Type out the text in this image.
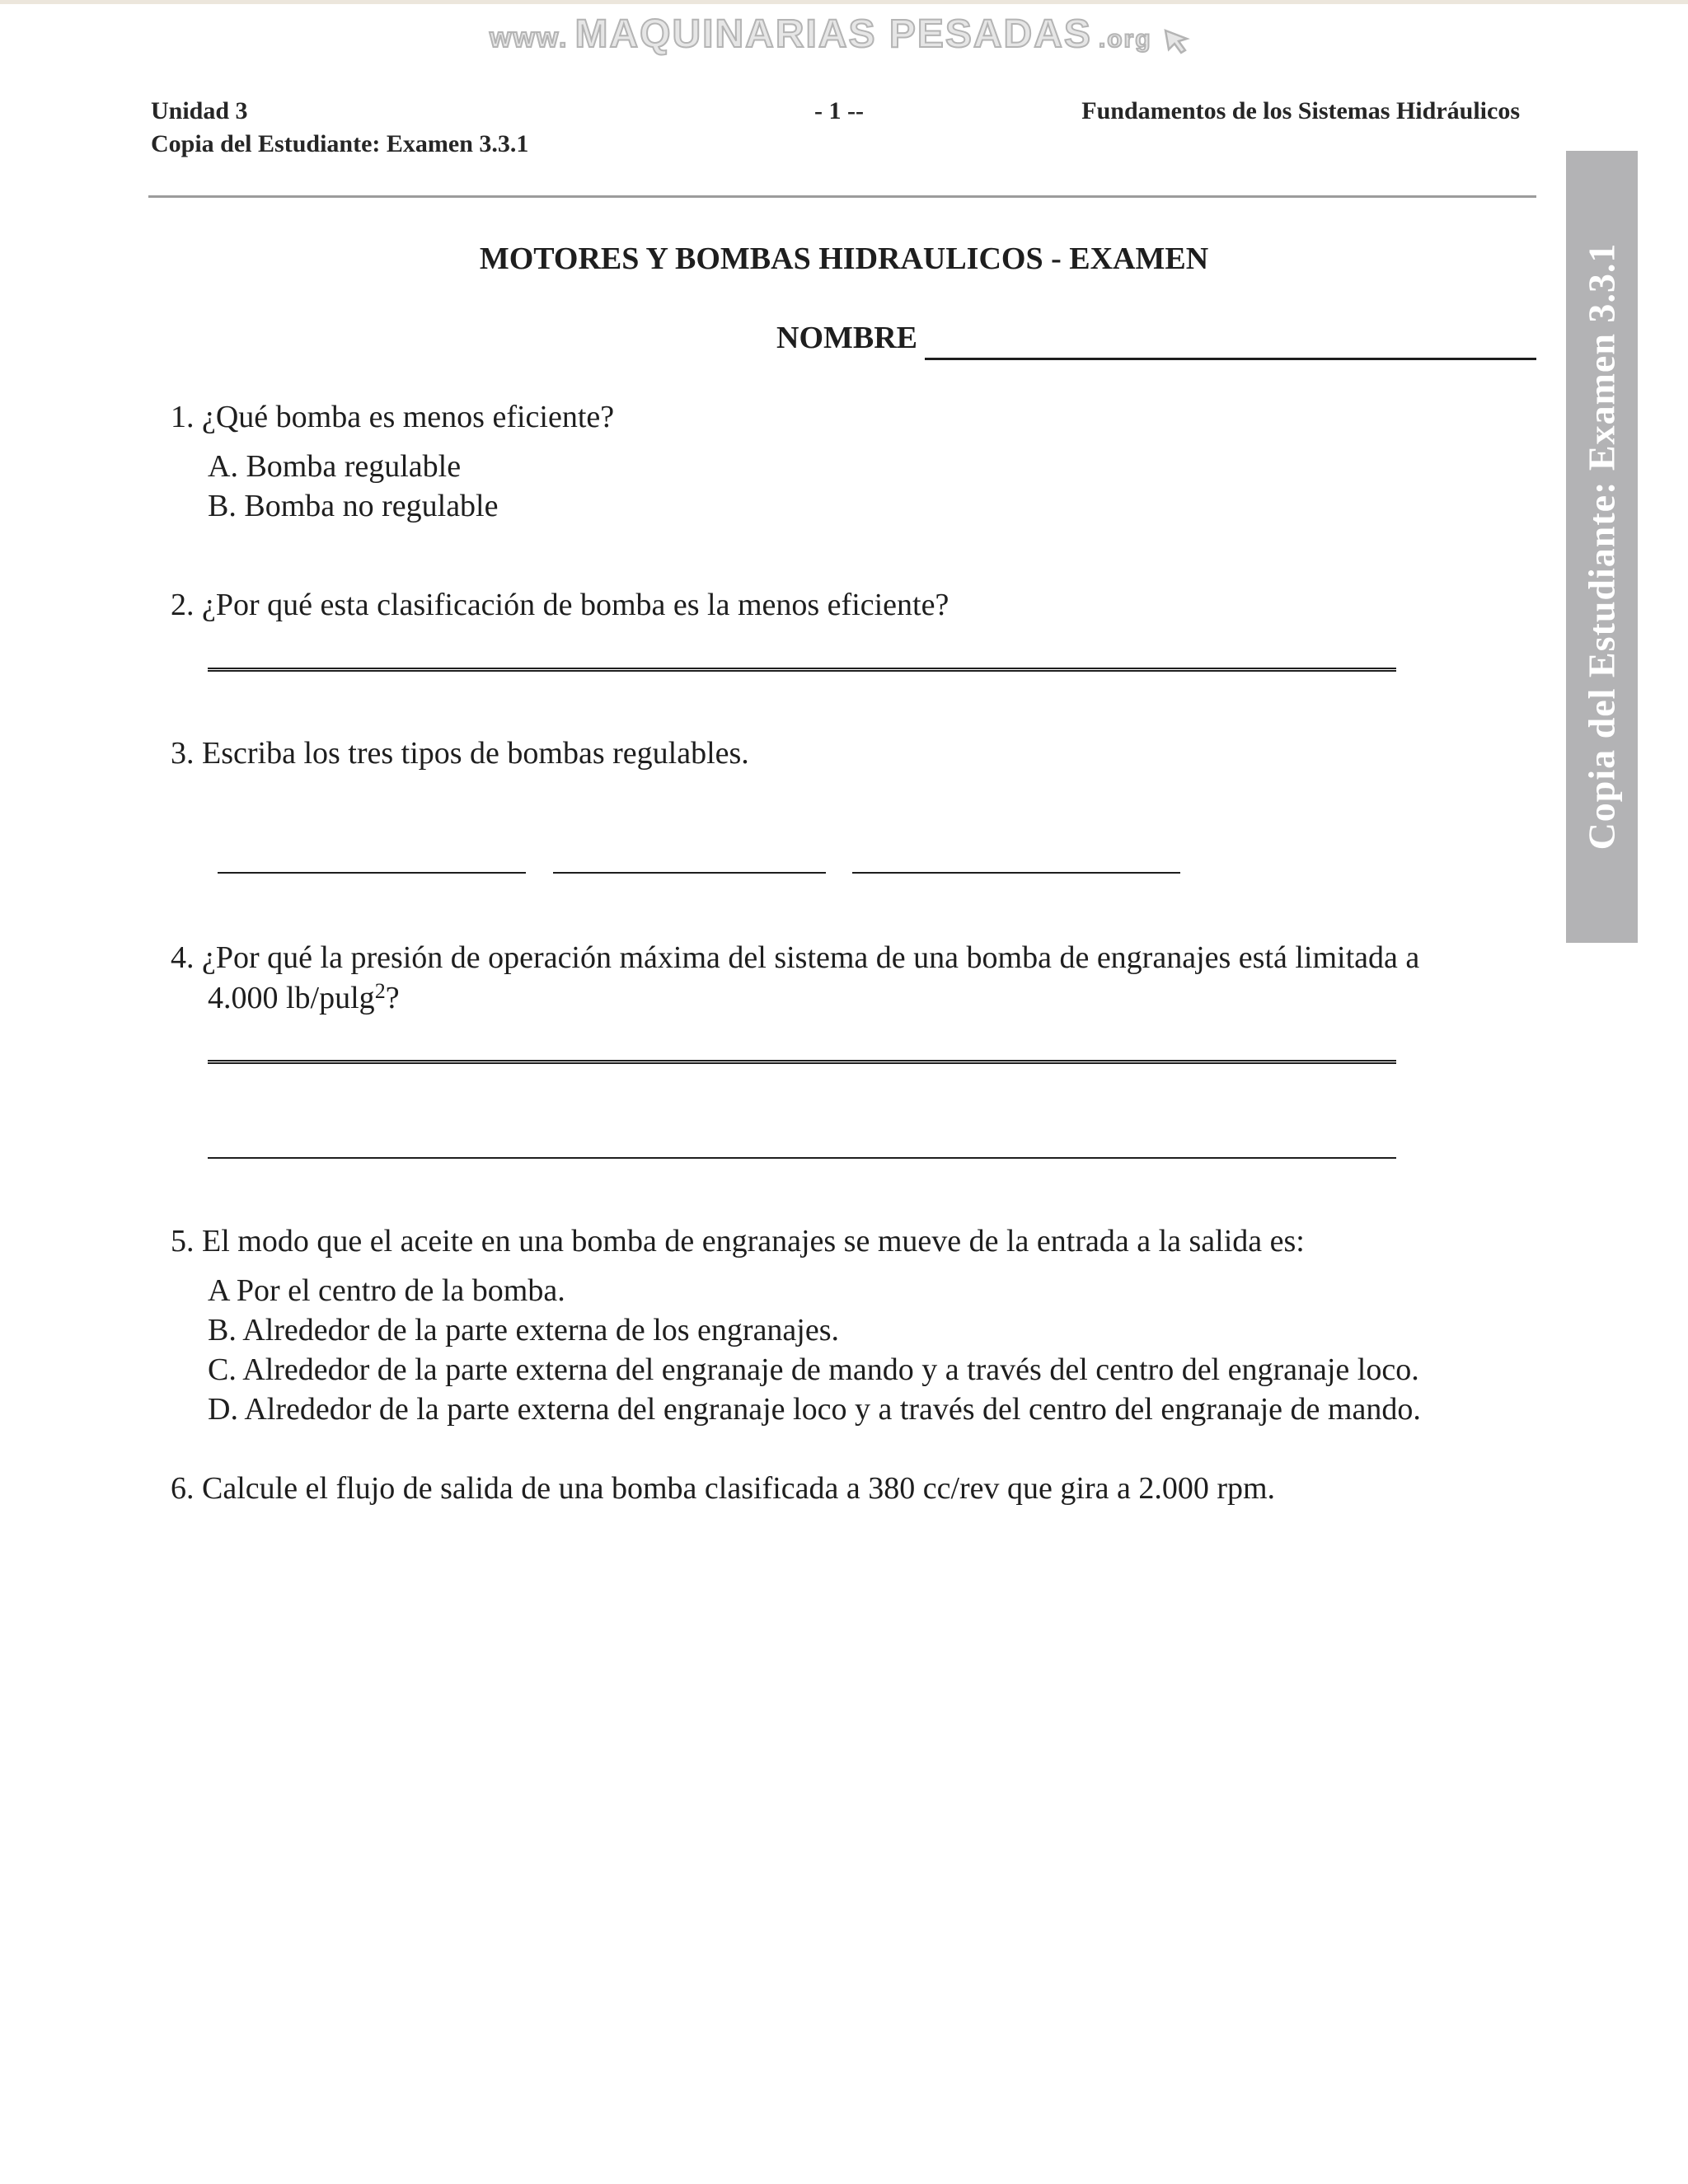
www. MAQUINARIAS PESADAS .org
Unidad 3
Copia del Estudiante: Examen 3.3.1
- 1 --	Fundamentos de los Sistemas Hidráulicos
Copia del Estudiante: Examen 3.3.1
MOTORES Y BOMBAS HIDRAULICOS - EXAMEN
NOMBRE
1. ¿Qué bomba es menos eficiente?
A. Bomba regulable
B. Bomba no regulable
2. ¿Por qué esta clasificación de bomba es la menos eficiente?
3. Escriba los tres tipos de bombas regulables.
4. ¿Por qué la presión de operación máxima del sistema de una bomba de engranajes está limitada a
4.000 lb/pulg$^2$?
5. El modo que el aceite en una bomba de engranajes se mueve de la entrada a la salida es:
A Por el centro de la bomba.
B. Alrededor de la parte externa de los engranajes.
C. Alrededor de la parte externa del engranaje de mando y a través del centro del engranaje loco.
D. Alrededor de la parte externa del engranaje loco y a través del centro del engranaje de mando.
6. Calcule el flujo de salida de una bomba clasificada a 380 cc/rev que gira a 2.000 rpm.
